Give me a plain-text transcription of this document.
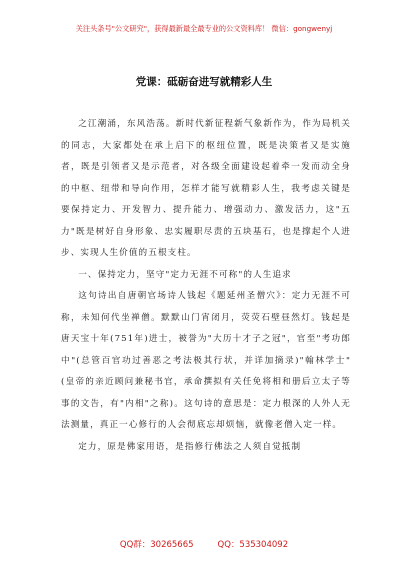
关注头条号"公文研究"，获得最新最全最专业的公文资料库！ 微信：gongwenyj
党课：砥砺奋进写就精彩人生

之江潮涌，东风浩荡。新时代新征程新气象新作为，作为局机关的同志，大家都处在承上启下的枢纽位置，既是决策者又是实施者，既是引领者又是示范者，对各级全面建设起着牵一发而动全身的中枢、纽带和导向作用，怎样才能写就精彩人生，我考虑关键是要保持定力、开发智力、提升能力、增强动力、激发活力，这"五力"既是树好自身形象、忠实履职尽责的五块基石，也是撑起个人进步、实现人生价值的五根支柱。

一、保持定力，坚守"定力无涯不可称"的人生追求

这句诗出自唐朝官场诗人钱起《题延州圣僧穴》：定力无涯不可称，未知何代坐禅僧。默默山门宵闭月，荧荧石壁昼然灯。钱起是唐天宝十年(751年)进士，被誉为"大历十才子之冠"，官至"考功郎中"(总管百官功过善恶之考法极其行状，并详加摘录)"翰林学士"(皇帝的亲近顾问兼秘书官，承命撰拟有关任免将相和册后立太子等事的文告，有"内相"之称)。这句诗的意思是：定力根深的人外人无法测量，真正一心修行的人会彻底忘却烦恼，就像老僧入定一样。

定力，原是佛家用语，是指修行佛法之人须自觉抵制

QQ群：30265665	QQ：535304092
